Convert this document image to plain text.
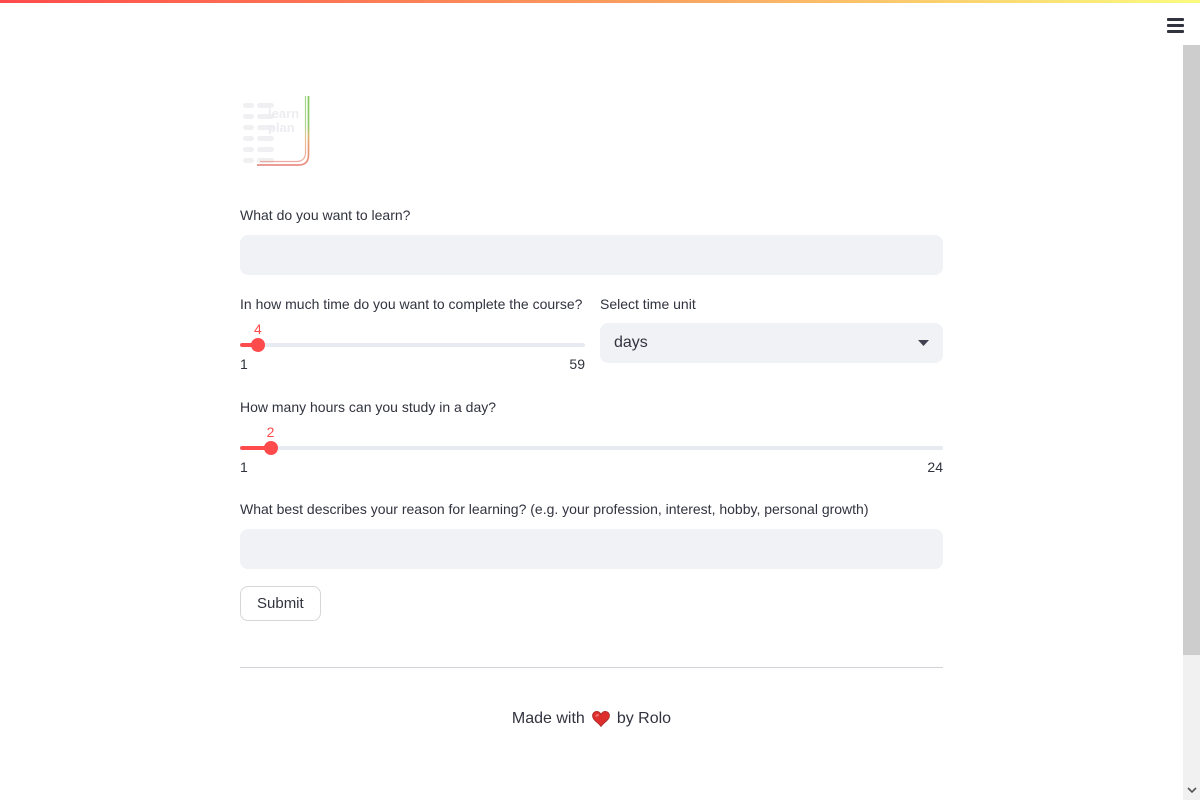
learn
plan
What do you want to learn?
In how much time do you want to complete the course?
4
1	59
Select time unit
days
How many hours can you study in a day?
2
1	24
What best describes your reason for learning? (e.g. your profession, interest, hobby, personal growth)
Submit
Made with by Rolo
